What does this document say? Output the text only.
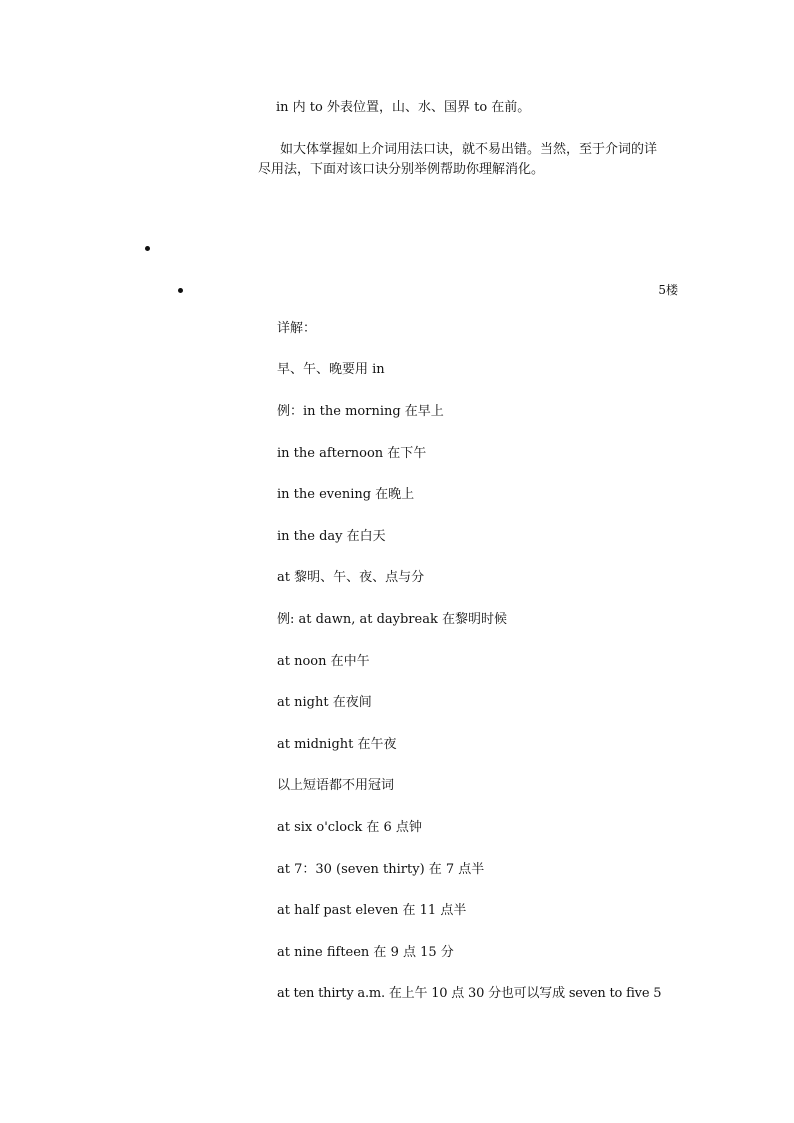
in 内 to 外表位置，山、水、国界 to 在前。
如大体掌握如上介词用法口诀，就不易出错。当然，至于介词的详
尽用法，下面对该口诀分别举例帮助你理解消化。
5楼
详解：
早、午、晚要用 in
例：in the morning 在早上
in the afternoon 在下午
in the evening 在晚上
in the day 在白天
at 黎明、午、夜、点与分
例: at dawn, at daybreak 在黎明时候
at noon 在中午
at night 在夜间
at midnight 在午夜
以上短语都不用冠词
at six o'clock 在 6 点钟
at 7：30 (seven thirty) 在 7 点半
at half past eleven 在 11 点半
at nine fifteen 在 9 点 15 分
at ten thirty a.m. 在上午 10 点 30 分也可以写成 seven to five 5
